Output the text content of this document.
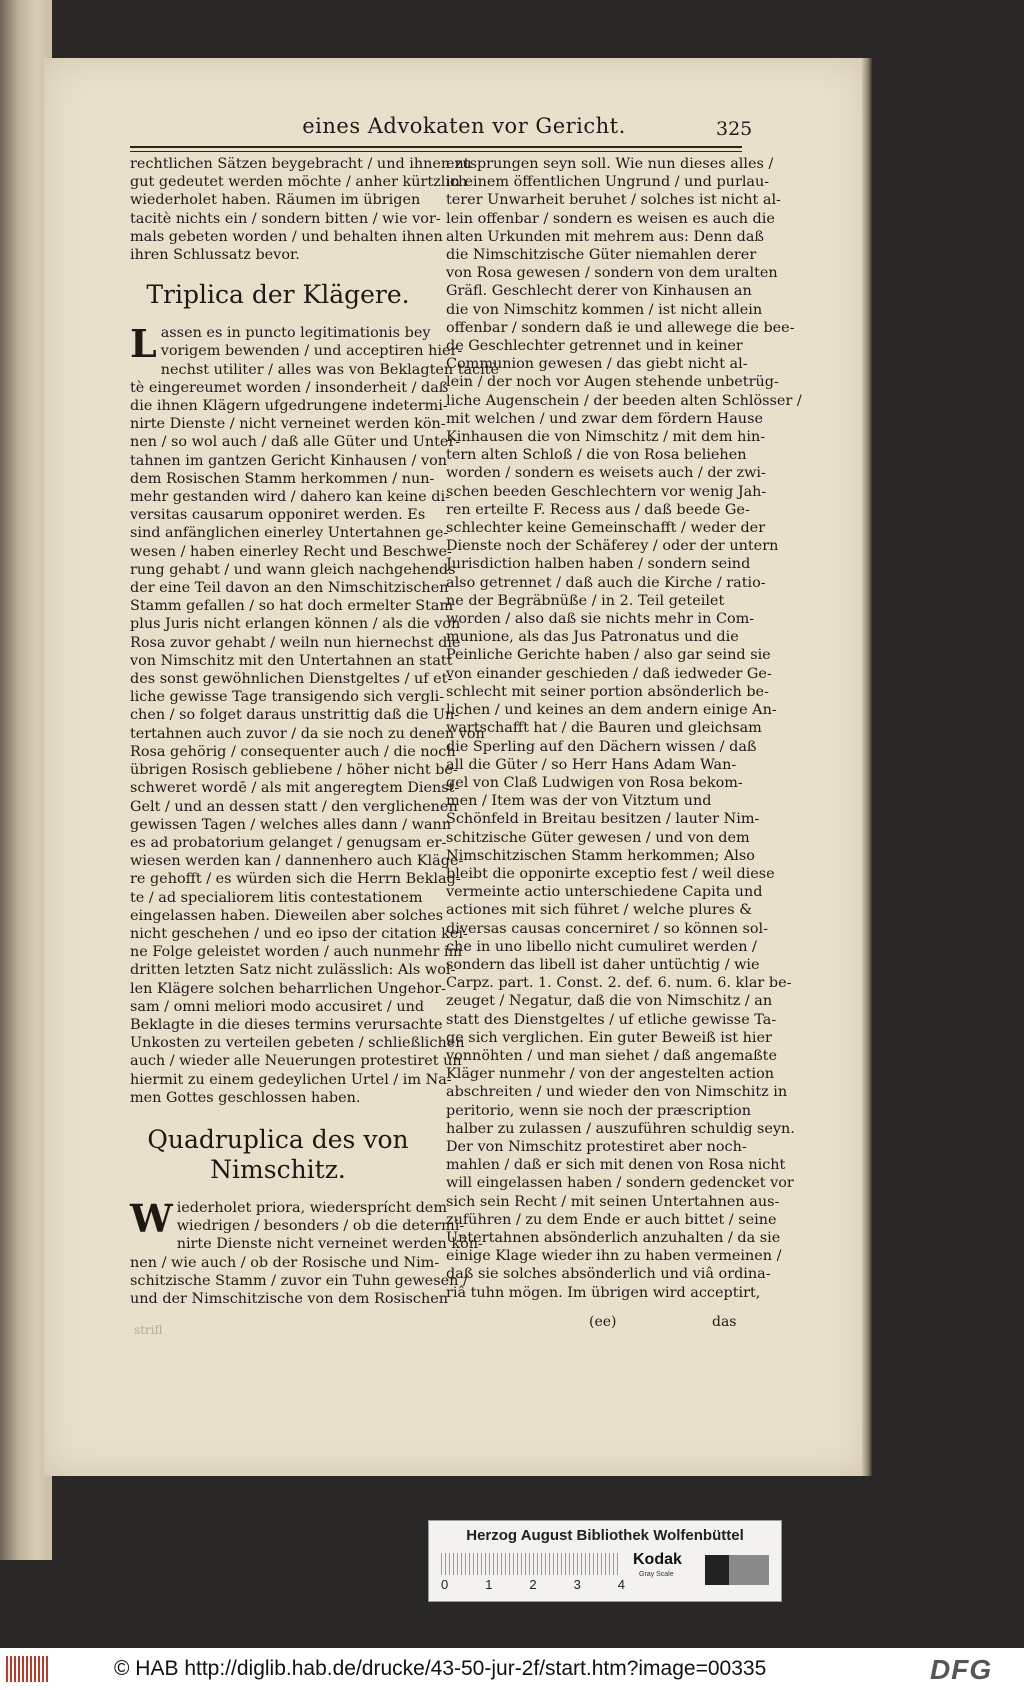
eines Advokaten vor Gericht.	325
rechtlichen Sätzen beygebracht / und ihnen zu
gut gedeutet werden möchte / anher kürtzlich
wiederholet haben. Räumen im übrigen
tacitè nichts ein / sondern bitten / wie vor-
mals gebeten worden / und behalten ihnen
ihren Schlussatz bevor.
Triplica der Klägere.
L assen es in puncto legitimationis bey
vorigem bewenden / und acceptiren hier-
nechst utiliter / alles was von Beklagten tacitè
tè eingereumet worden / insonderheit / daß
die ihnen Klägern ufgedrungene indetermi-
nirte Dienste / nicht verneinet werden kön-
nen / so wol auch / daß alle Güter und Unter-
tahnen im gantzen Gericht Kinhausen / von
dem Rosischen Stamm herkommen / nun-
mehr gestanden wird / dahero kan keine di-
versitas causarum opponiret werden. Es
sind anfänglichen einerley Untertahnen ge-
wesen / haben einerley Recht und Beschwe-
rung gehabt / und wann gleich nachgehends
der eine Teil davon an den Nimschitzischen
Stamm gefallen / so hat doch ermelter Stam
plus Juris nicht erlangen können / als die von
Rosa zuvor gehabt / weiln nun hiernechst die
von Nimschitz mit den Untertahnen an statt
des sonst gewöhnlichen Dienstgeltes / uf et-
liche gewisse Tage transigendo sich vergli-
chen / so folget daraus unstrittig daß die Un-
tertahnen auch zuvor / da sie noch zu denen von
Rosa gehörig / consequenter auch / die noch
übrigen Rosisch gebliebene / höher nicht be-
schweret wordē / als mit angeregtem Dienst-
Gelt / und an dessen statt / den verglichenen
gewissen Tagen / welches alles dann / wann
es ad probatorium gelanget / genugsam er-
wiesen werden kan / dannenhero auch Kläge-
re gehofft / es würden sich die Herrn Beklag-
te / ad specialiorem litis contestationem
eingelassen haben. Dieweilen aber solches
nicht geschehen / und eo ipso der citation kei-
ne Folge geleistet worden / auch nunmehr im
dritten letzten Satz nicht zulässlich: Als wol-
len Klägere solchen beharrlichen Ungehor-
sam / omni meliori modo accusiret / und
Beklagte in die dieses termins verursachte
Unkosten zu verteilen gebeten / schließlichen
auch / wieder alle Neuerungen protestiret un
hiermit zu einem gedeylichen Urtel / im Na-
men Gottes geschlossen haben.
Quadruplica des von
Nimschitz.
W iederholet priora, wiedersprícht dem
wiedrigen / besonders / ob die determi-
nirte Dienste nicht verneinet werden kön-
nen / wie auch / ob der Rosische und Nim-
schitzische Stamm / zuvor ein Tuhn gewesen /
und der Nimschitzische von dem Rosischen
entsprungen seyn soll. Wie nun dieses alles /
in einem öffentlichen Ungrund / und purlau-
terer Unwarheit beruhet / solches ist nicht al-
lein offenbar / sondern es weisen es auch die
alten Urkunden mit mehrem aus: Denn daß
die Nimschitzische Güter niemahlen derer
von Rosa gewesen / sondern von dem uralten
Gräfl. Geschlecht derer von Kinhausen an
die von Nimschitz kommen / ist nicht allein
offenbar / sondern daß ie und allewege die bee-
de Geschlechter getrennet und in keiner
Communion gewesen / das giebt nicht al-
lein / der noch vor Augen stehende unbetrüg-
liche Augenschein / der beeden alten Schlösser /
mit welchen / und zwar dem fördern Hause
Kinhausen die von Nimschitz / mit dem hin-
tern alten Schloß / die von Rosa beliehen
worden / sondern es weisets auch / der zwi-
schen beeden Geschlechtern vor wenig Jah-
ren erteilte F. Recess aus / daß beede Ge-
schlechter keine Gemeinschafft / weder der
Dienste noch der Schäferey / oder der untern
Jurisdiction halben haben / sondern seind
also getrennet / daß auch die Kirche / ratio-
ne der Begräbnüße / in 2. Teil geteilet
worden / also daß sie nichts mehr in Com-
munione, als das Jus Patronatus und die
Peinliche Gerichte haben / also gar seind sie
von einander geschieden / daß iedweder Ge-
schlecht mit seiner portion absönderlich be-
lichen / und keines an dem andern einige An-
wartschafft hat / die Bauren und gleichsam
die Sperling auf den Dächern wissen / daß
all die Güter / so Herr Hans Adam Wan-
gel von Claß Ludwigen von Rosa bekom-
men / Item was der von Vitztum und
Schönfeld in Breitau besitzen / lauter Nim-
schitzische Güter gewesen / und von dem
Nimschitzischen Stamm herkommen; Also
bleibt die opponirte exceptio fest / weil diese
vermeinte actio unterschiedene Capita und
actiones mit sich führet / welche plures &
diversas causas concerniret / so können sol-
che in uno libello nicht cumuliret werden /
sondern das libell ist daher untüchtig / wie
Carpz. part. 1. Const. 2. def. 6. num. 6. klar be-
zeuget / Negatur, daß die von Nimschitz / an
statt des Dienstgeltes / uf etliche gewisse Ta-
ge sich verglichen. Ein guter Beweiß ist hier
vonnöhten / und man siehet / daß angemaßte
Kläger nunmehr / von der angestelten action
abschreiten / und wieder den von Nimschitz in
peritorio, wenn sie noch der præscription
halber zu zulassen / auszuführen schuldig seyn.
Der von Nimschitz protestiret aber noch-
mahlen / daß er sich mit denen von Rosa nicht
will eingelassen haben / sondern gedencket vor
sich sein Recht / mit seinen Untertahnen aus-
zuführen / zu dem Ende er auch bittet / seine
Untertahnen absönderlich anzuhalten / da sie
einige Klage wieder ihn zu haben vermeinen /
daß sie solches absönderlich und viâ ordina-
riâ tuhn mögen. Im übrigen wird acceptirt,
strifl	(ee)	das
Herzog August Bibliothek Wolfenbüttel
0	1	2	3	4
Kodak
Gray Scale
© HAB http://diglib.hab.de/drucke/43-50-jur-2f/start.htm?image=00335	DFG
